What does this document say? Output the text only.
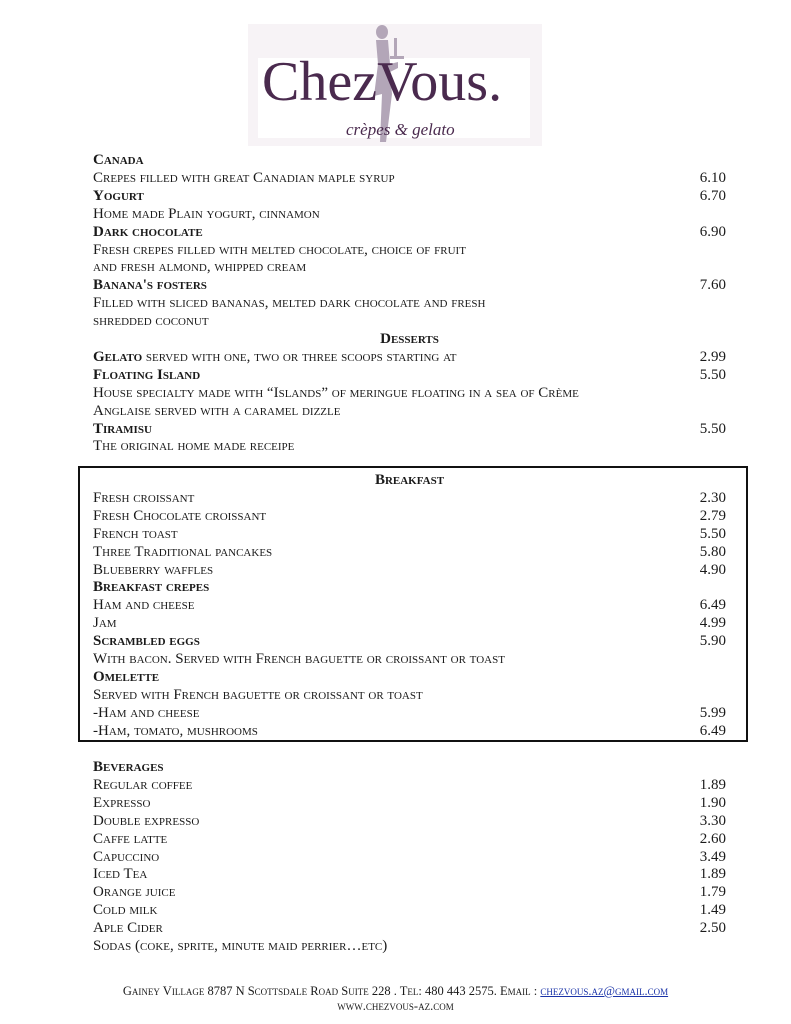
ChezVous.
crèpes & gelato
Canada
Crepes filled with great Canadian maple syrup	6.10
Yogurt	6.70
Home made Plain yogurt, cinnamon
Dark chocolate	6.90
Fresh crepes filled with melted chocolate, choice of fruit
and fresh almond, whipped cream
Banana's fosters	7.60
Filled with sliced bananas, melted dark chocolate and fresh
shredded coconut
Desserts
Gelato served with one, two or three scoops starting at	2.99
Floating Island	5.50
House specialty made with “Islands” of meringue floating in a sea of Crème
Anglaise served with a caramel dizzle
Tiramisu	5.50
The original home made receipe
Breakfast
Fresh croissant	2.30
Fresh Chocolate croissant	2.79
French toast	5.50
Three Traditional pancakes	5.80
Blueberry waffles	4.90
Breakfast crepes
Ham and cheese	6.49
Jam	4.99
Scrambled eggs	5.90
With bacon. Served with French baguette or croissant or toast
Omelette
Served with French baguette or croissant or toast
-Ham and cheese	5.99
-Ham, tomato, mushrooms	6.49
Beverages
Regular coffee	1.89
Expresso	1.90
Double expresso	3.30
Caffe latte	2.60
Capuccino	3.49
Iced Tea	1.89
Orange juice	1.79
Cold milk	1.49
Aple Cider	2.50
Sodas (coke, sprite, minute maid perrier…etc)
Gainey Village 8787 N Scottsdale Road Suite 228 . Tel: 480 443 2575. Email : chezvous.az@gmail.com
www.chezvous-az.com
